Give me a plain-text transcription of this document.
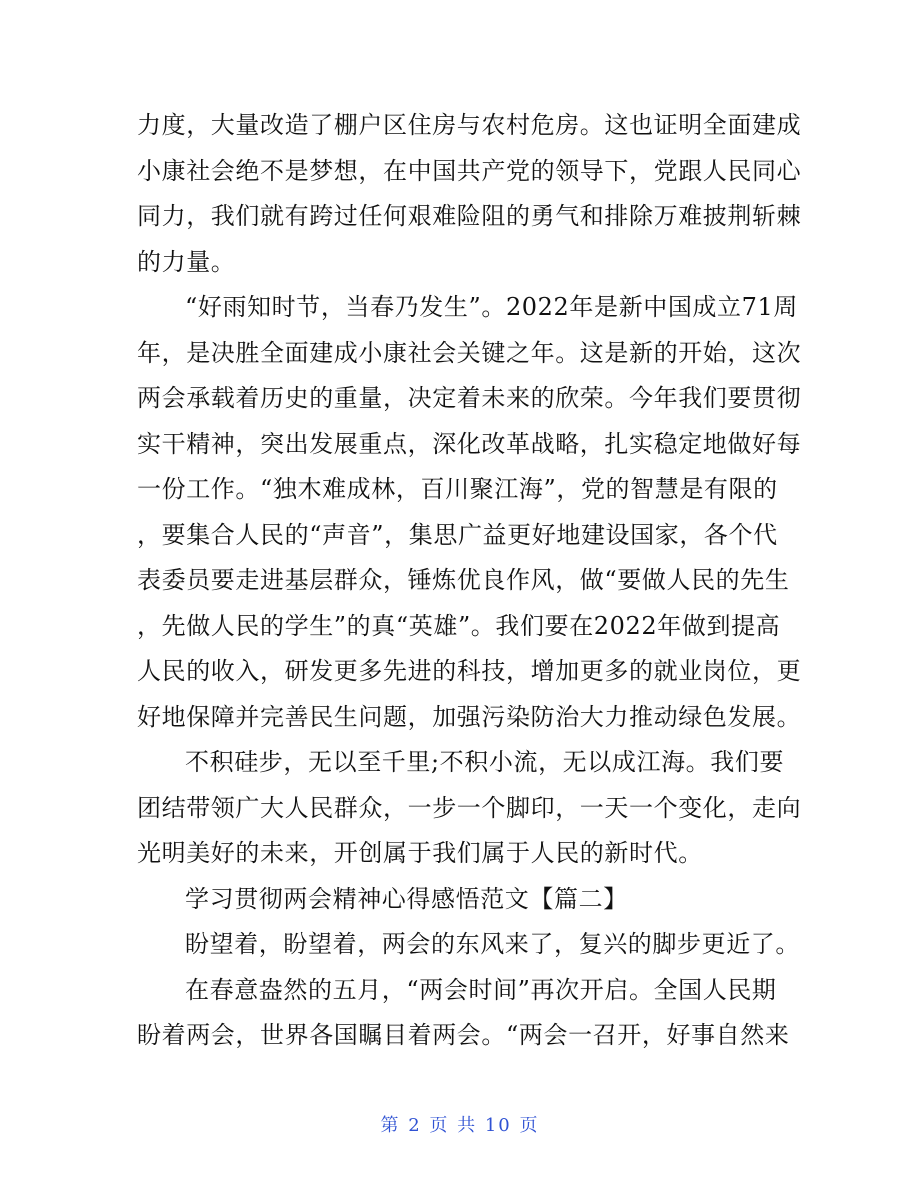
力度，大量改造了棚户区住房与农村危房。这也证明全面建成
小康社会绝不是梦想，在中国共产党的领导下，党跟人民同心
同力，我们就有跨过任何艰难险阻的勇气和排除万难披荆斩棘
的力量。
“好雨知时节，当春乃发生”。2022年是新中国成立71周
年，是决胜全面建成小康社会关键之年。这是新的开始，这次
两会承载着历史的重量，决定着未来的欣荣。今年我们要贯彻
实干精神，突出发展重点，深化改革战略，扎实稳定地做好每
一份工作。“独木难成林，百川聚江海”，党的智慧是有限的
，要集合人民的“声音”，集思广益更好地建设国家，各个代
表委员要走进基层群众，锤炼优良作风，做“要做人民的先生
，先做人民的学生”的真“英雄”。我们要在2022年做到提高
人民的收入，研发更多先进的科技，增加更多的就业岗位，更
好地保障并完善民生问题，加强污染防治大力推动绿色发展。
不积硅步，无以至千里;不积小流，无以成江海。我们要
团结带领广大人民群众，一步一个脚印，一天一个变化，走向
光明美好的未来，开创属于我们属于人民的新时代。
学习贯彻两会精神心得感悟范文【篇二】
盼望着，盼望着，两会的东风来了，复兴的脚步更近了。
在春意盎然的五月，“两会时间”再次开启。全国人民期
盼着两会，世界各国瞩目着两会。“两会一召开，好事自然来
第 2 页 共 10 页
